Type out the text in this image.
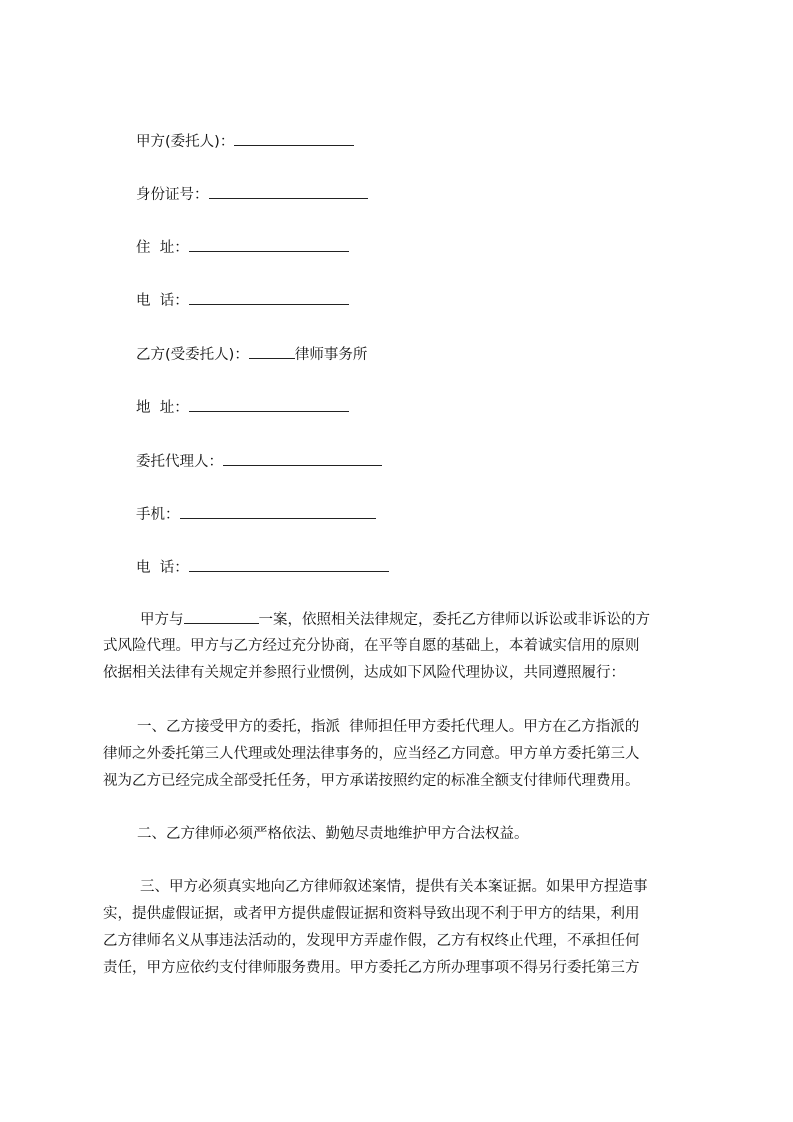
甲方(委托人)：
身份证号：
住  址：
电  话：
乙方(受委托人)：	律师事务所
地  址：
委托代理人：
手机：
电  话：
甲方与	一案，依照相关法律规定，委托乙方律师以诉讼或非诉讼的方
式风险代理。甲方与乙方经过充分协商，在平等自愿的基础上，本着诚实信用的原则
依据相关法律有关规定并参照行业惯例，达成如下风险代理协议，共同遵照履行：
一、乙方接受甲方的委托，指派  律师担任甲方委托代理人。甲方在乙方指派的
律师之外委托第三人代理或处理法律事务的，应当经乙方同意。甲方单方委托第三人
视为乙方已经完成全部受托任务，甲方承诺按照约定的标准全额支付律师代理费用。
二、乙方律师必须严格依法、勤勉尽责地维护甲方合法权益。
三、甲方必须真实地向乙方律师叙述案情，提供有关本案证据。如果甲方捏造事
实，提供虚假证据，或者甲方提供虚假证据和资料导致出现不利于甲方的结果，利用
乙方律师名义从事违法活动的，发现甲方弄虚作假，乙方有权终止代理，不承担任何
责任，甲方应依约支付律师服务费用。甲方委托乙方所办理事项不得另行委托第三方
